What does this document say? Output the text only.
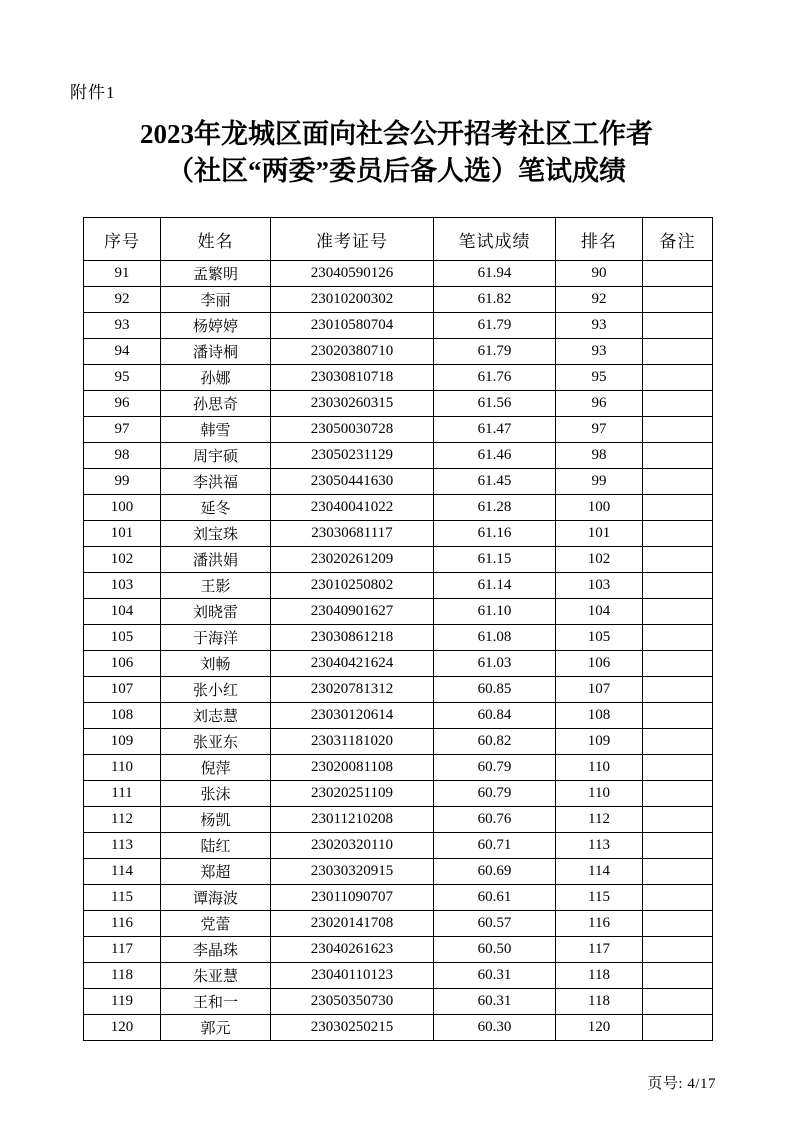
附件1
2023年龙城区面向社会公开招考社区工作者
（社区“两委”委员后备人选）笔试成绩
序号	姓名	准考证号	笔试成绩	排名	备注
91	孟繁明	23040590126	61.94	90	
92	李丽	23010200302	61.82	92	
93	杨婷婷	23010580704	61.79	93	
94	潘诗桐	23020380710	61.79	93	
95	孙娜	23030810718	61.76	95	
96	孙思奇	23030260315	61.56	96	
97	韩雪	23050030728	61.47	97	
98	周宇硕	23050231129	61.46	98	
99	李洪福	23050441630	61.45	99	
100	延冬	23040041022	61.28	100	
101	刘宝珠	23030681117	61.16	101	
102	潘洪娟	23020261209	61.15	102	
103	王影	23010250802	61.14	103	
104	刘晓雷	23040901627	61.10	104	
105	于海洋	23030861218	61.08	105	
106	刘畅	23040421624	61.03	106	
107	张小红	23020781312	60.85	107	
108	刘志慧	23030120614	60.84	108	
109	张亚东	23031181020	60.82	109	
110	倪萍	23020081108	60.79	110	
111	张沫	23020251109	60.79	110	
112	杨凯	23011210208	60.76	112	
113	陆红	23020320110	60.71	113	
114	郑超	23030320915	60.69	114	
115	谭海波	23011090707	60.61	115	
116	党蕾	23020141708	60.57	116	
117	李晶珠	23040261623	60.50	117	
118	朱亚慧	23040110123	60.31	118	
119	王和一	23050350730	60.31	118	
120	郭元	23030250215	60.30	120	
页号: 4/17
